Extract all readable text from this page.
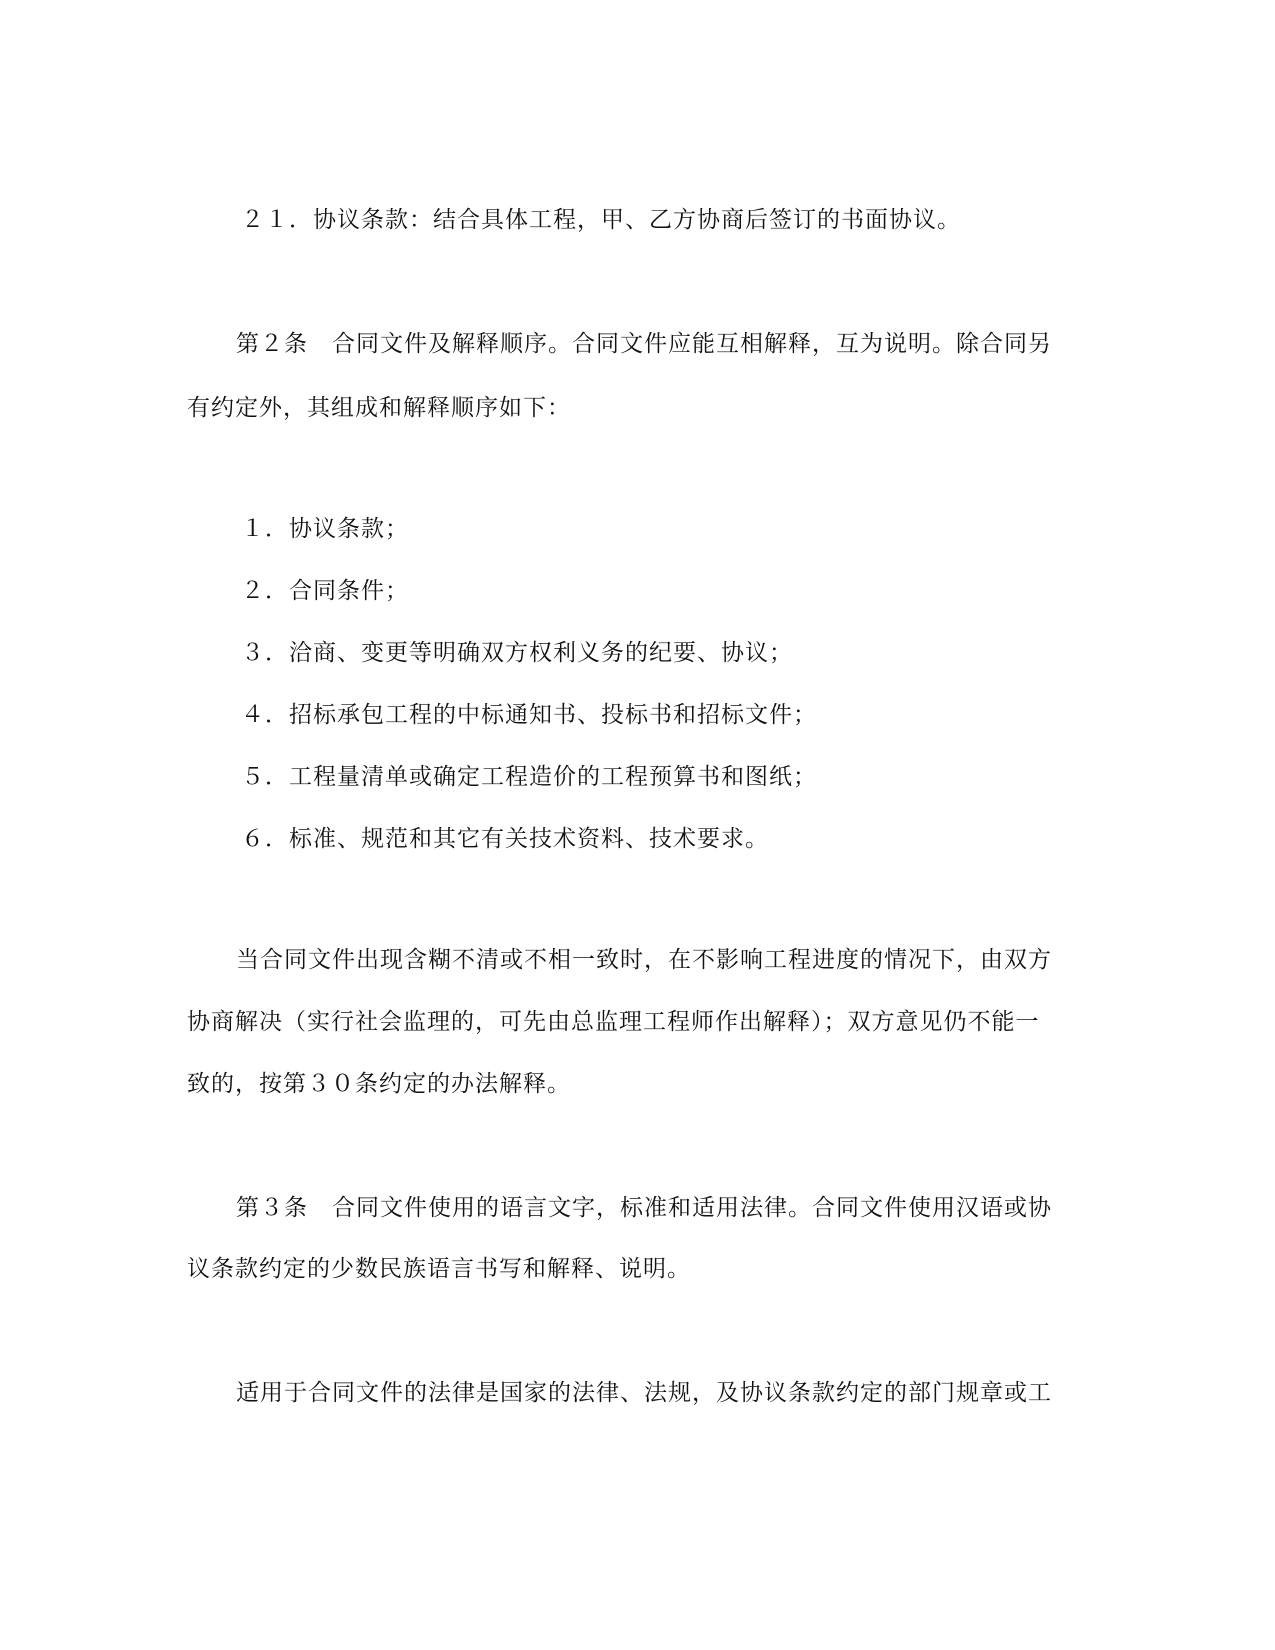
２１．协议条款：结合具体工程，甲、乙方协商后签订的书面协议。
第２条　合同文件及解释顺序。合同文件应能互相解释，互为说明。除合同另
有约定外，其组成和解释顺序如下：
１．协议条款；
２．合同条件；
３．洽商、变更等明确双方权利义务的纪要、协议；
４．招标承包工程的中标通知书、投标书和招标文件；
５．工程量清单或确定工程造价的工程预算书和图纸；
６．标准、规范和其它有关技术资料、技术要求。
当合同文件出现含糊不清或不相一致时，在不影响工程进度的情况下，由双方
协商解决（实行社会监理的，可先由总监理工程师作出解释）；双方意见仍不能一
致的，按第３０条约定的办法解释。
第３条　合同文件使用的语言文字，标准和适用法律。合同文件使用汉语或协
议条款约定的少数民族语言书写和解释、说明。
适用于合同文件的法律是国家的法律、法规，及协议条款约定的部门规章或工
